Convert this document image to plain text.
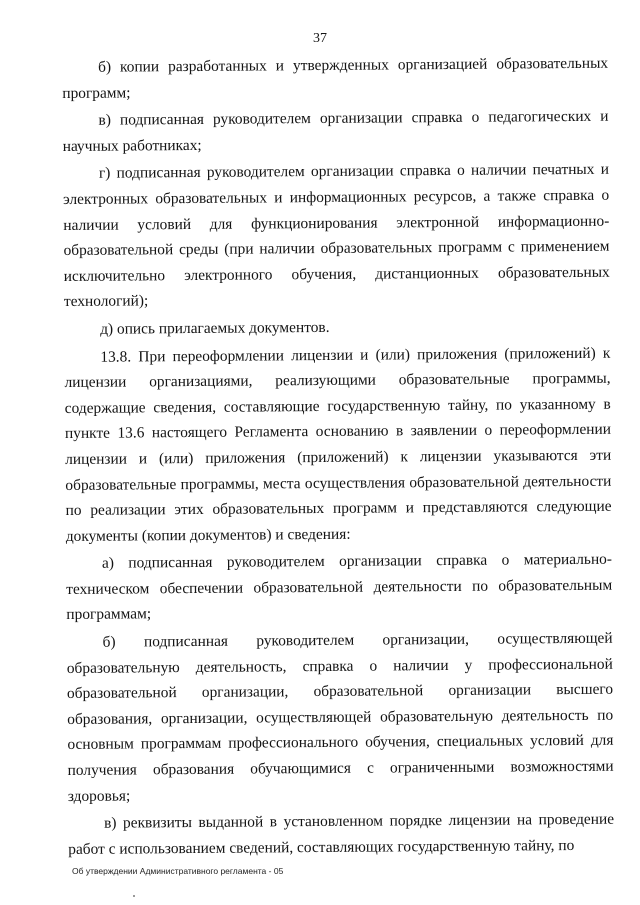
37

б) копии разработанных и утвержденных организацией образовательных программ;

в) подписанная руководителем организации справка о педагогических и научных работниках;

г) подписанная руководителем организации справка о наличии печатных и электронных образовательных и информационных ресурсов, а также справка о наличии условий для функционирования электронной информационно-образовательной среды (при наличии образовательных программ с применением исключительно электронного обучения, дистанционных образовательных технологий);

д) опись прилагаемых документов.

13.8. При переоформлении лицензии и (или) приложения (приложений) к лицензии организациями, реализующими образовательные программы, содержащие сведения, составляющие государственную тайну, по указанному в пункте 13.6 настоящего Регламента основанию в заявлении о переоформлении лицензии и (или) приложения (приложений) к лицензии указываются эти образовательные программы, места осуществления образовательной деятельности по реализации этих образовательных программ и представляются следующие документы (копии документов) и сведения:

а) подписанная руководителем организации справка о материально-техническом обеспечении образовательной деятельности по образовательным программам;

б) подписанная руководителем организации, осуществляющей образовательную деятельность, справка о наличии у профессиональной образовательной организации, образовательной организации высшего образования, организации, осуществляющей образовательную деятельность по основным программам профессионального обучения, специальных условий для получения образования обучающимися с ограниченными возможностями здоровья;

в) реквизиты выданной в установленном порядке лицензии на проведение работ с использованием сведений, составляющих государственную тайну, по

Об утверждении Административного регламента - 05
